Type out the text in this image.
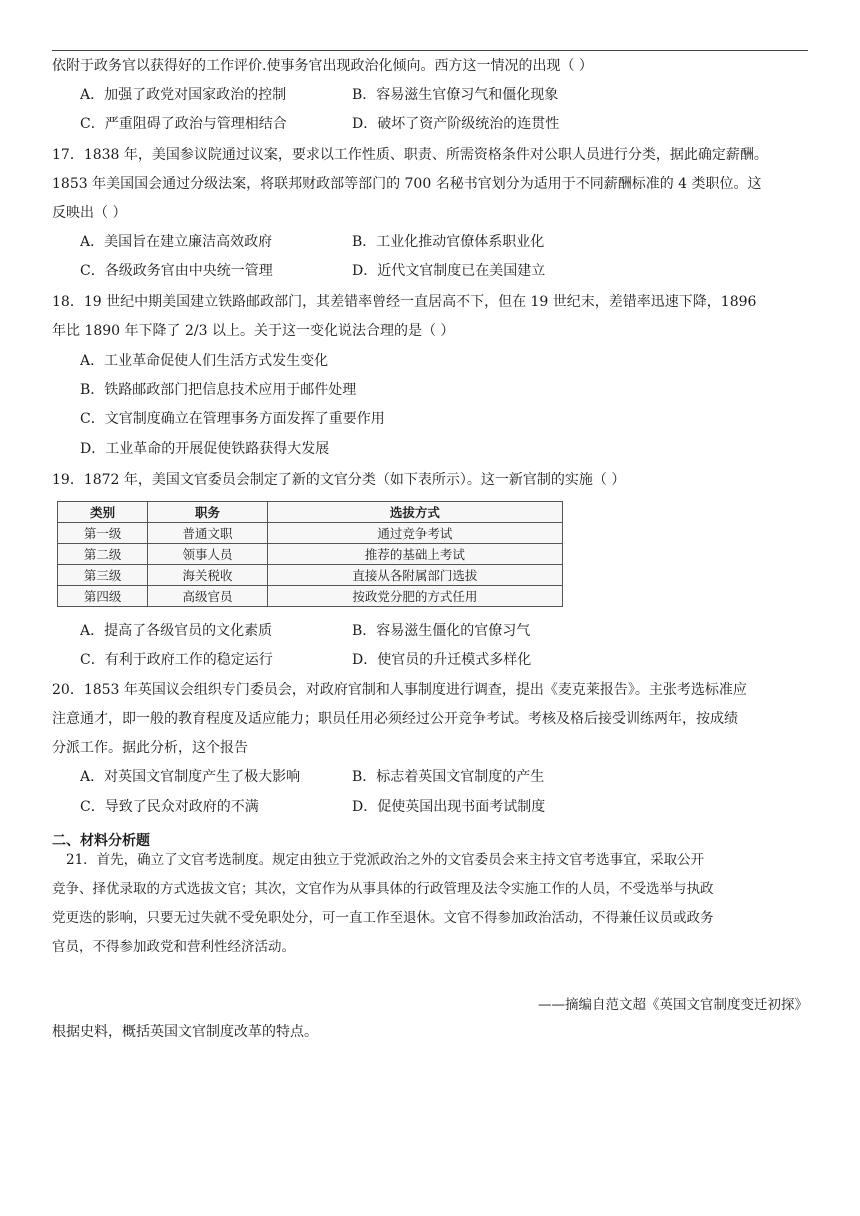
依附于政务官以获得好的工作评价.使事务官出现政治化倾向。西方这一情况的出现（ ）
A．加强了政党对国家政治的控制	B．容易滋生官僚习气和僵化现象
C．严重阻碍了政治与管理相结合	D．破坏了资产阶级统治的连贯性
17．1838 年，美国参议院通过议案，要求以工作性质、职责、所需资格条件对公职人员进行分类，据此确定薪酬。
1853 年美国国会通过分级法案，将联邦财政部等部门的 700 名秘书官划分为适用于不同薪酬标准的 4 类职位。这
反映出（ ）
A．美国旨在建立廉洁高效政府	B．工业化推动官僚体系职业化
C．各级政务官由中央统一管理	D．近代文官制度已在美国建立
18．19 世纪中期美国建立铁路邮政部门，其差错率曾经一直居高不下，但在 19 世纪末，差错率迅速下降，1896
年比 1890 年下降了 2/3 以上。关于这一变化说法合理的是（ ）
A．工业革命促使人们生活方式发生变化
B．铁路邮政部门把信息技术应用于邮件处理
C．文官制度确立在管理事务方面发挥了重要作用
D．工业革命的开展促使铁路获得大发展
19．1872 年，美国文官委员会制定了新的文官分类（如下表所示）。这一新官制的实施（ ）
类别	职务	选拔方式
第一级	普通文职	通过竞争考试
第二级	领事人员	推荐的基础上考试
第三级	海关税收	直接从各附属部门选拔
第四级	高级官员	按政党分肥的方式任用
A．提高了各级官员的文化素质	B．容易滋生僵化的官僚习气
C．有利于政府工作的稳定运行	D．使官员的升迁模式多样化
20．1853 年英国议会组织专门委员会，对政府官制和人事制度进行调查，提出《麦克莱报告》。主张考选标准应
注意通才，即一般的教育程度及适应能力；职员任用必须经过公开竞争考试。考核及格后接受训练两年，按成绩
分派工作。据此分析，这个报告
A．对英国文官制度产生了极大影响	B．标志着英国文官制度的产生
C．导致了民众对政府的不满	D．促使英国出现书面考试制度
二、材料分析题
21．首先，确立了文官考选制度。规定由独立于党派政治之外的文官委员会来主持文官考选事宜，采取公开
竞争、择优录取的方式选拔文官；其次，文官作为从事具体的行政管理及法令实施工作的人员，不受选举与执政
党更迭的影响，只要无过失就不受免职处分，可一直工作至退休。文官不得参加政治活动，不得兼任议员或政务
官员，不得参加政党和营利性经济活动。
——摘编自范文超《英国文官制度变迁初探》
根据史料，概括英国文官制度改革的特点。
